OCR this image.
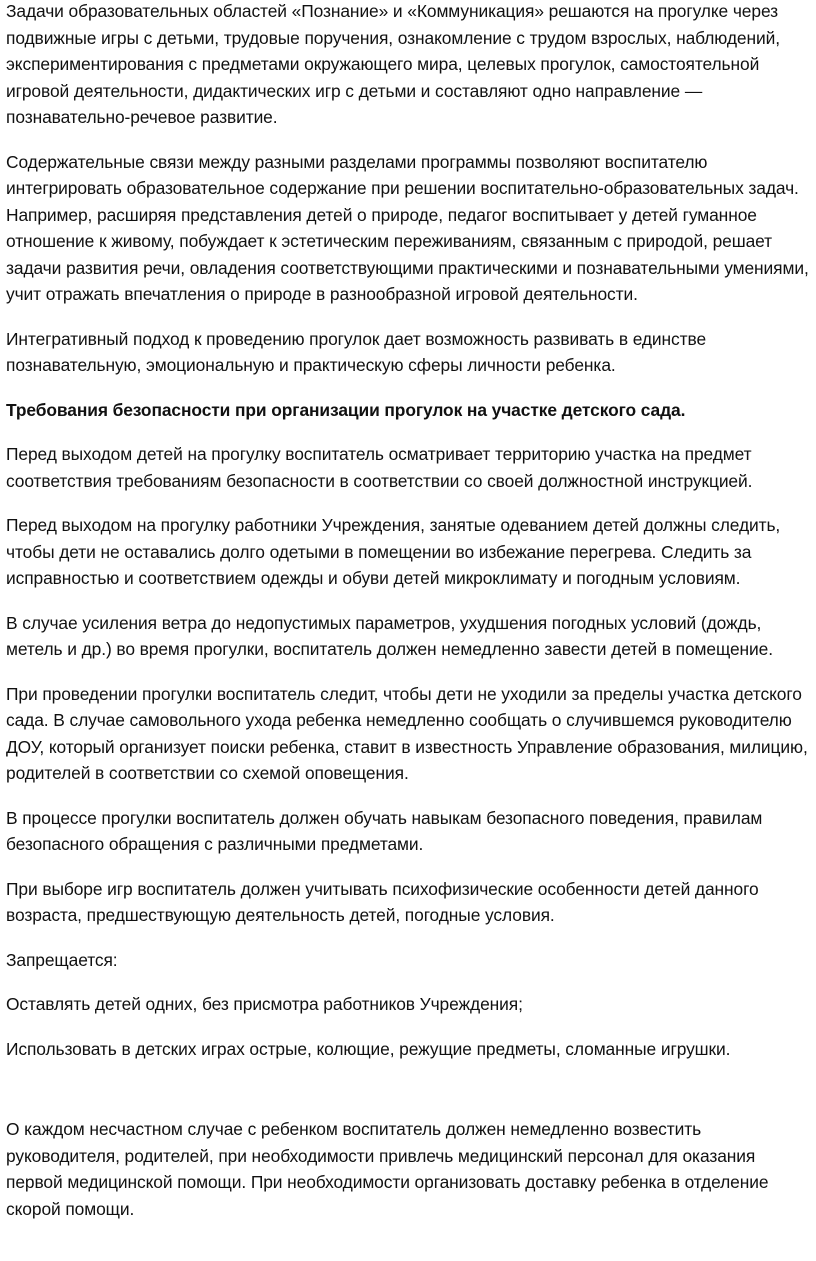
Задачи образовательных областей «Познание» и «Коммуникация» решаются на прогулке через подвижные игры с детьми, трудовые поручения, ознакомление с трудом взрослых, наблюдений, экспериментирования с предметами окружающего мира, целевых прогулок, самостоятельной игровой деятельности, дидактических игр с детьми и составляют одно направление — познавательно-речевое развитие.

Содержательные связи между разными разделами программы позволяют воспитателю интегрировать образовательное содержание при решении воспитательно-образовательных задач. Например, расширяя представления детей о природе, педагог воспитывает у детей гуманное отношение к живому, побуждает к эстетическим переживаниям, связанным с природой, решает задачи развития речи, овладения соответствующими практическими и познавательными умениями, учит отражать впечатления о природе в разнообразной игровой деятельности.

Интегративный подход к проведению прогулок дает возможность развивать в единстве познавательную, эмоциональную и практическую сферы личности ребенка.

Требования безопасности при организации прогулок на участке детского сада.

Перед выходом детей на прогулку воспитатель осматривает территорию участка на предмет соответствия требованиям безопасности в соответствии со своей должностной инструкцией.

Перед выходом на прогулку работники Учреждения, занятые одеванием детей должны следить, чтобы дети не оставались долго одетыми в помещении во избежание перегрева. Следить за исправностью и соответствием одежды и обуви детей микроклимату и погодным условиям.

В случае усиления ветра до недопустимых параметров, ухудшения погодных условий (дождь, метель и др.) во время прогулки, воспитатель должен немедленно завести детей в помещение.

При проведении прогулки воспитатель следит, чтобы дети не уходили за пределы участка детского сада. В случае самовольного ухода ребенка немедленно сообщать о случившемся руководителю ДОУ, который организует поиски ребенка, ставит в известность Управление образования, милицию, родителей в соответствии со схемой оповещения.

В процессе прогулки воспитатель должен обучать навыкам безопасного поведения, правилам безопасного обращения с различными предметами.

При выборе игр воспитатель должен учитывать психофизические особенности детей данного возраста, предшествующую деятельность детей, погодные условия.

Запрещается:

Оставлять детей одних, без присмотра работников Учреждения;

Использовать в детских играх острые, колющие, режущие предметы, сломанные игрушки.

О каждом несчастном случае с ребенком воспитатель должен немедленно возвестить руководителя, родителей, при необходимости привлечь медицинский персонал для оказания первой медицинской помощи. При необходимости организовать доставку ребенка в отделение скорой помощи.
